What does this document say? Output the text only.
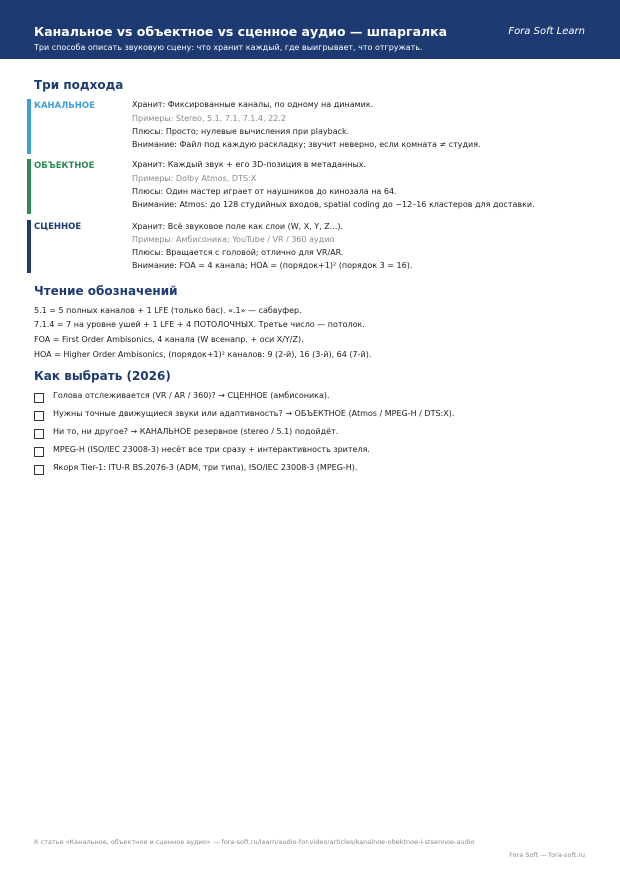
Канальное vs объектное vs сценное аудио — шпаргалка	Fora Soft Learn
Три способа описать звуковую сцену: что хранит каждый, где выигрывает, что отгружать.
Три подхода
КАНАЛЬНОЕ	Хранит: Фиксированные каналы, по одному на динамик.
Примеры: Stereo, 5.1, 7.1, 7.1.4, 22.2
Плюсы: Просто; нулевые вычисления при playback.
Внимание: Файл под каждую раскладку; звучит неверно, если комната ≠ студия.
ОБЪЕКТНОЕ	Хранит: Каждый звук + его 3D-позиция в метаданных.
Примеры: Dolby Atmos, DTS:X
Плюсы: Один мастер играет от наушников до кинозала на 64.
Внимание: Atmos: до 128 студийных входов, spatial coding до ~12–16 кластеров для доставки.
СЦЕННОЕ	Хранит: Всё звуковое поле как слои (W, X, Y, Z...).
Примеры: Амбисоника; YouTube / VR / 360 аудио
Плюсы: Вращается с головой; отлично для VR/AR.
Внимание: FOA = 4 канала; HOA = (порядок+1)² (порядок 3 = 16).
Чтение обозначений
5.1 = 5 полных каналов + 1 LFE (только бас). «.1» — сабвуфер.
7.1.4 = 7 на уровне ушей + 1 LFE + 4 ПОТОЛОЧНЫХ. Третье число — потолок.
FOA = First Order Ambisonics, 4 канала (W всенапр. + оси X/Y/Z).
HOA = Higher Order Ambisonics, (порядок+1)² каналов: 9 (2-й), 16 (3-й), 64 (7-й).
Как выбрать (2026)
Голова отслеживается (VR / AR / 360)? → СЦЕННОЕ (амбисоника).
Нужны точные движущиеся звуки или адаптивность? → ОБЪЕКТНОЕ (Atmos / MPEG-H / DTS:X).
Ни то, ни другое? → КАНАЛЬНОЕ резервное (stereo / 5.1) подойдёт.
MPEG-H (ISO/IEC 23008-3) несёт все три сразу + интерактивность зрителя.
Якоря Tier-1: ITU-R BS.2076-3 (ADM, три типа), ISO/IEC 23008-3 (MPEG-H).
К статье «Канальное, объектное и сценное аудио» — fora-soft.ru/learn/audio-for-video/articles/kanalnoe-obektnoe-i-stsennoe-audio
Fora Soft — fora-soft.ru
